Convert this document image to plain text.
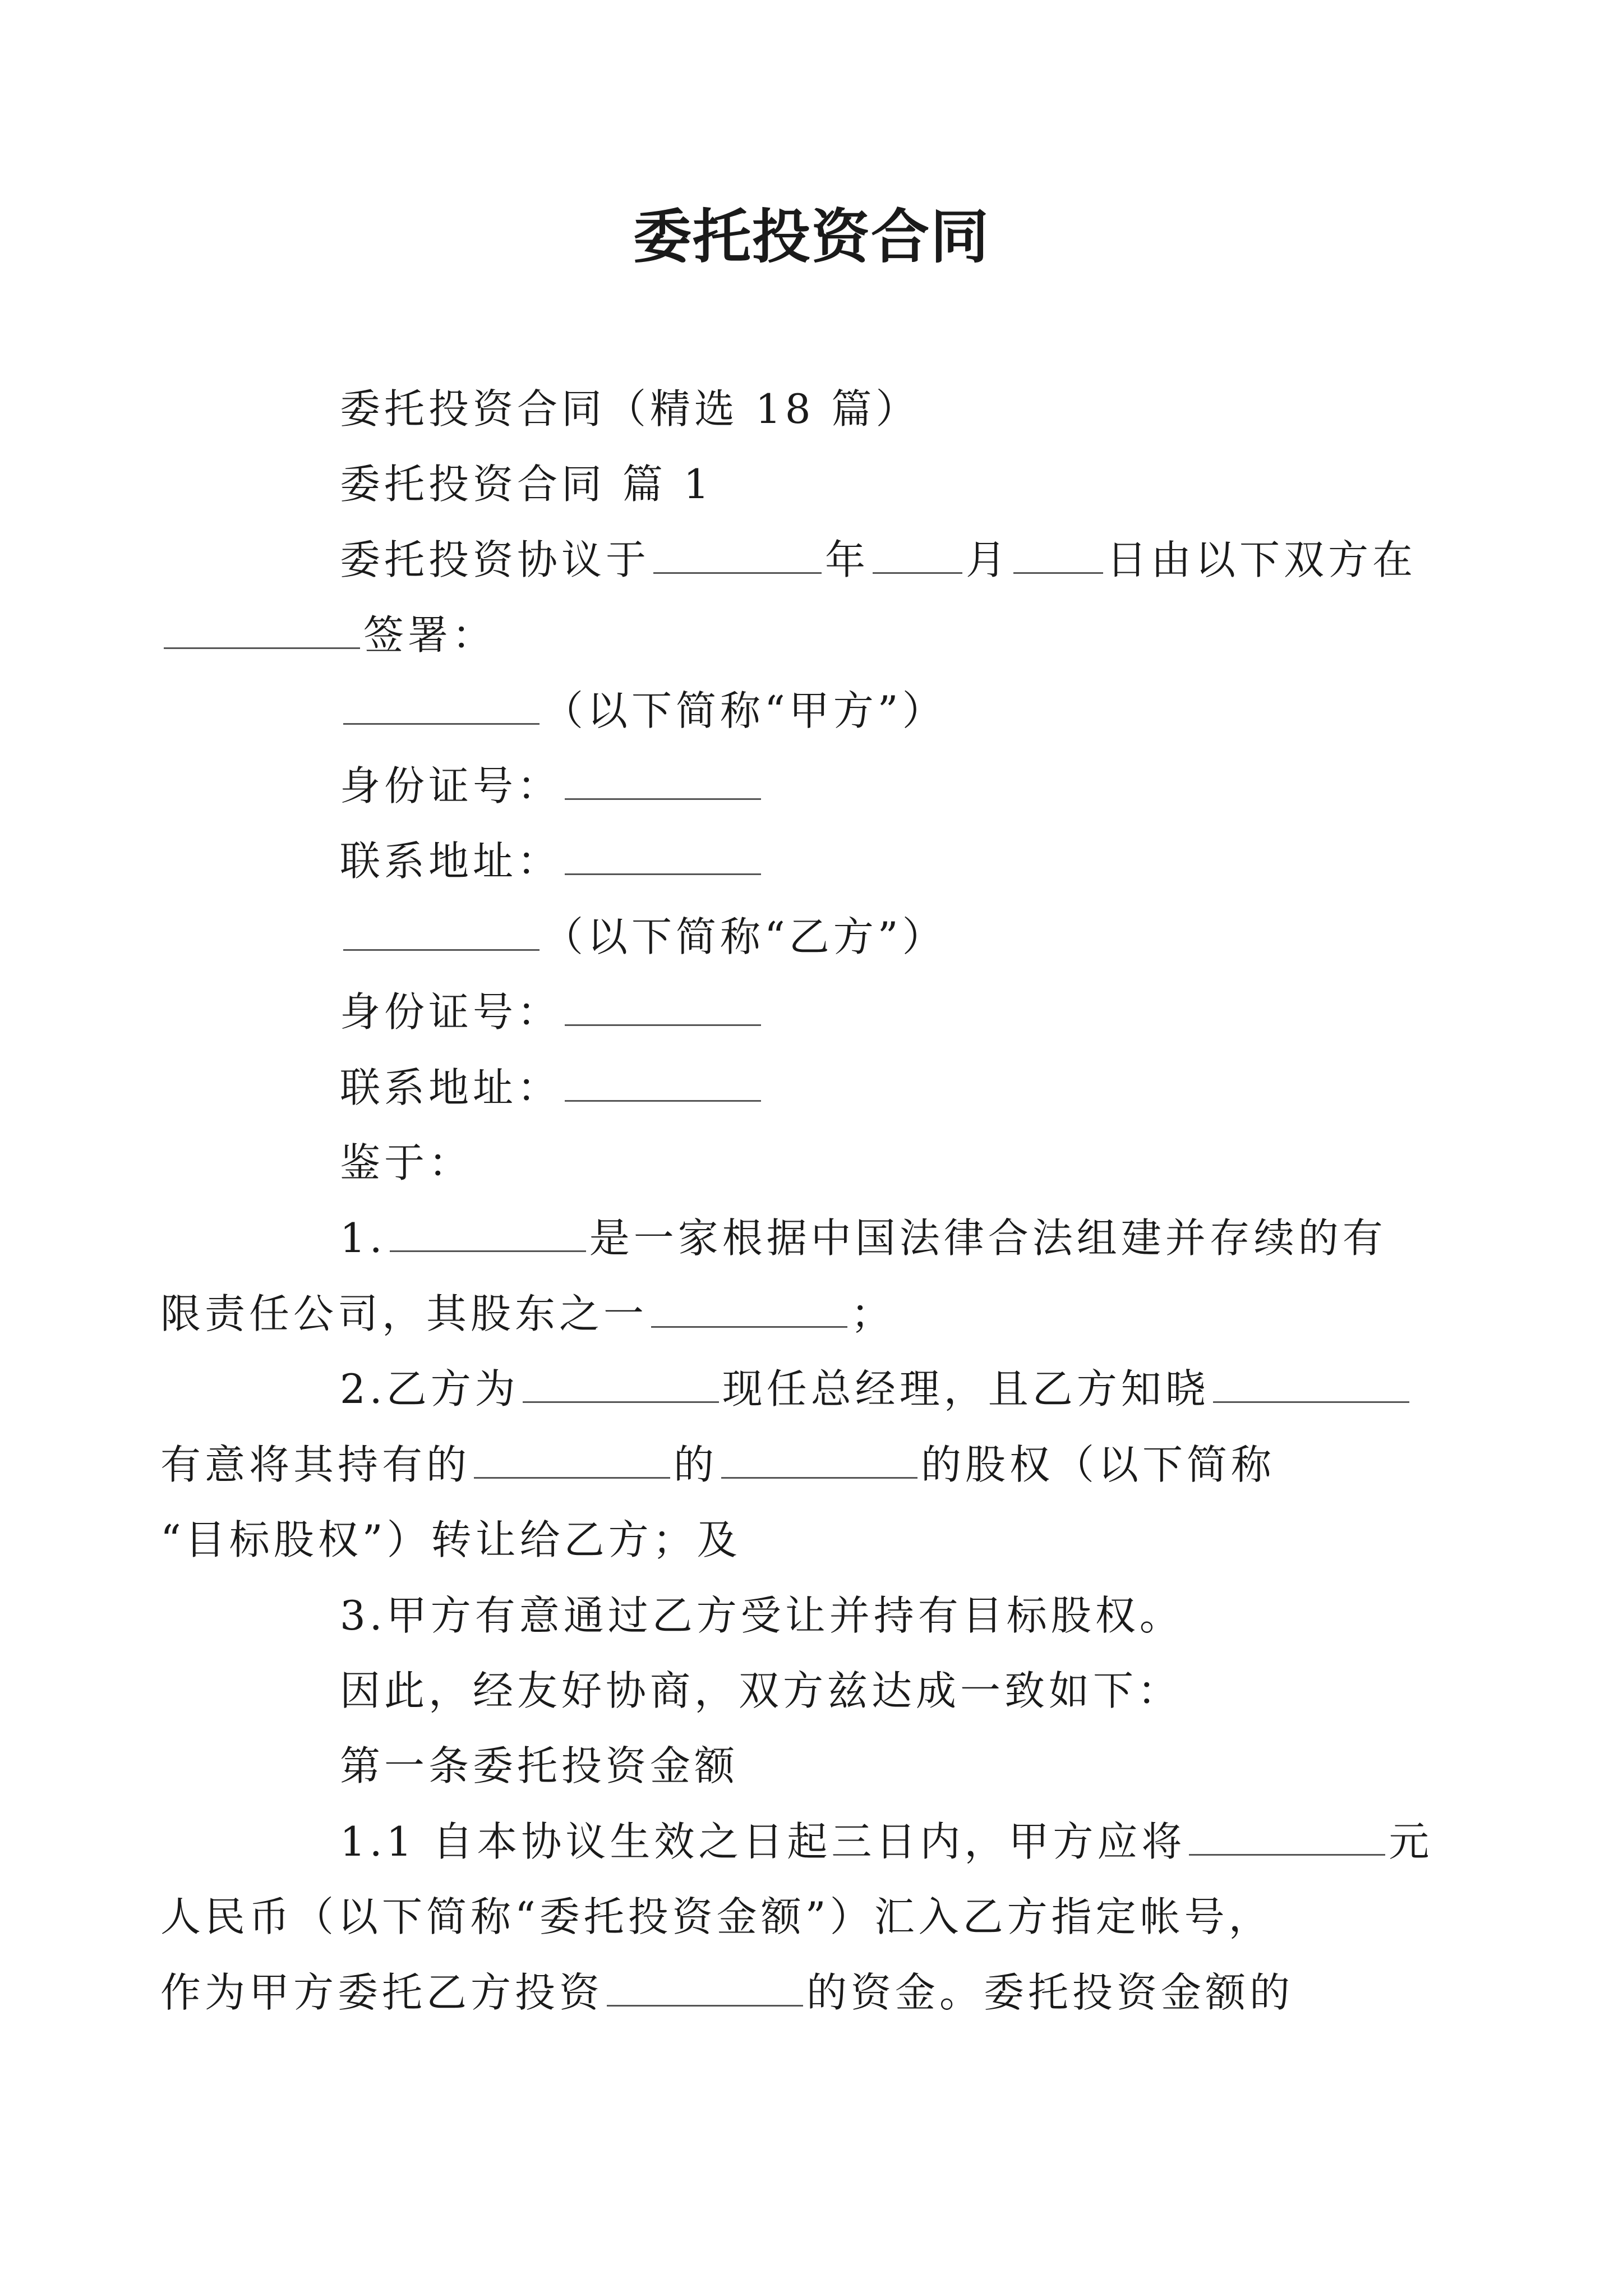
委托投资合同

委托投资合同（精选 18 篇）

委托投资合同 篇 1

委托投资协议于	年 月 日由以下双方在

签署：

（以下简称“甲方”）

身份证号：

联系地址：

（以下简称“乙方”）

身份证号：

联系地址：

鉴于：

1.	是一家根据中国法律合法组建并存续的有

限责任公司，其股东之一	；

2.乙方为	现任总经理，且乙方知晓

有意将其持有的	的	的股权（以下简称

“目标股权”）转让给乙方；及

3.甲方有意通过乙方受让并持有目标股权。

因此，经友好协商，双方兹达成一致如下：

第一条委托投资金额

1.1 自本协议生效之日起三日内，甲方应将	元

人民币（以下简称“委托投资金额”）汇入乙方指定帐号，

作为甲方委托乙方投资	的资金。委托投资金额的
